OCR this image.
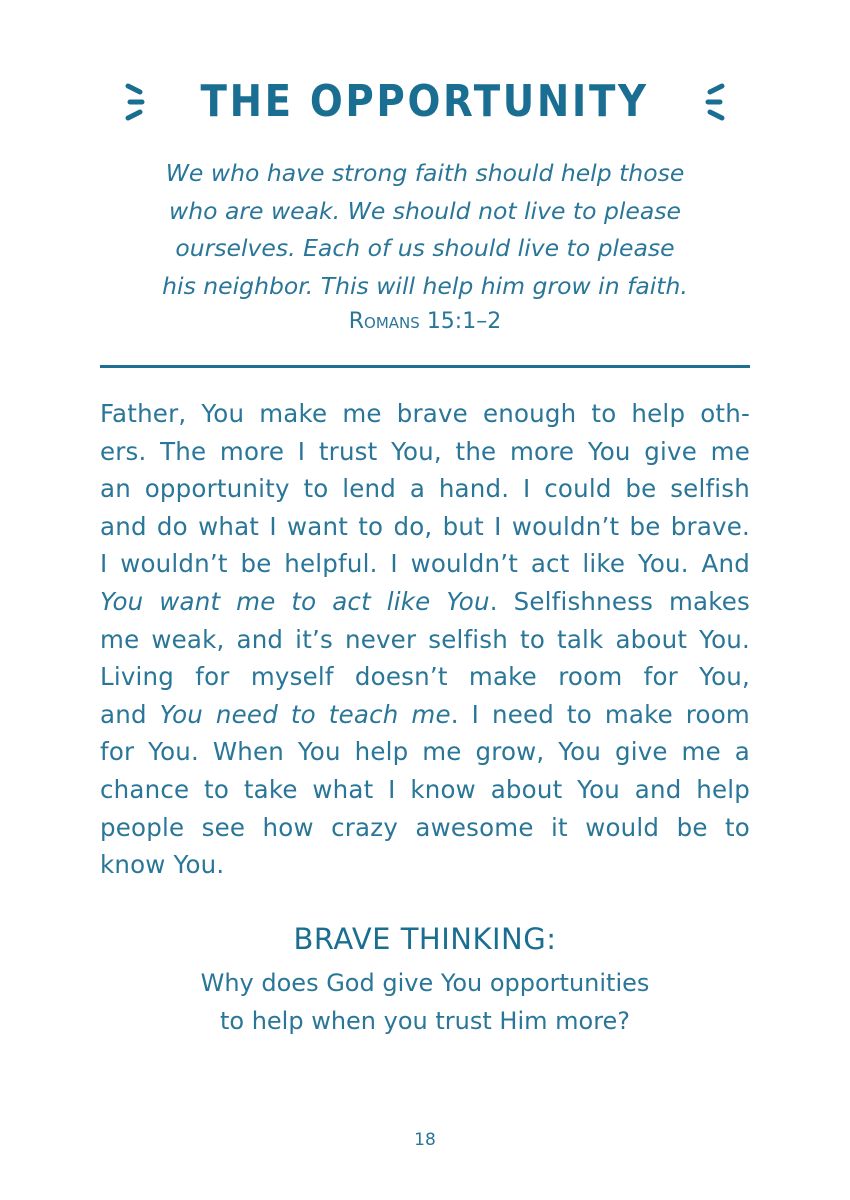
THE OPPORTUNITY
We who have strong faith should help those
who are weak. We should not live to please
ourselves. Each of us should live to please
his neighbor. This will help him grow in faith.
Romans 15:1–2
Father, You make me brave enough to help oth-
ers. The more I trust You, the more You give me
an opportunity to lend a hand. I could be selfish
and do what I want to do, but I wouldn’t be brave.
I wouldn’t be helpful. I wouldn’t act like You. And
You want me to act like You. Selfishness makes
me weak, and it’s never selfish to talk about You.
Living for myself doesn’t make room for You,
and You need to teach me. I need to make room
for You. When You help me grow, You give me a
chance to take what I know about You and help
people see how crazy awesome it would be to
know You.
BRAVE THINKING:
Why does God give You opportunities
to help when you trust Him more?
18
